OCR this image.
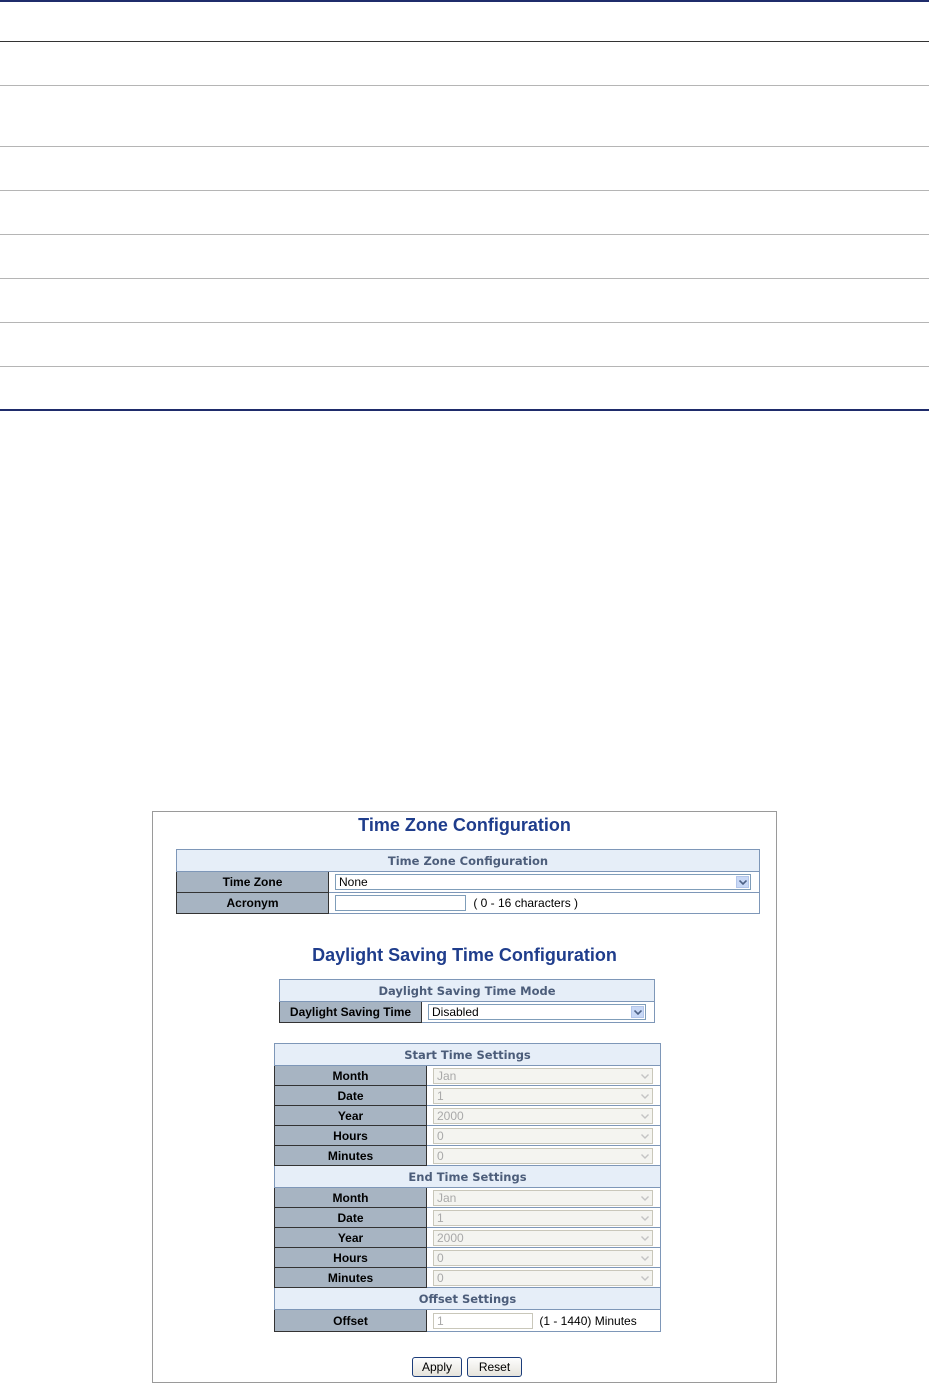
Time Zone Configuration
Time Zone Configuration	
Time Zone	None

Acronym	( 0 - 16 characters )
Daylight Saving Time Configuration
Daylight Saving Time Mode
Daylight Saving Time	Disabled
Start Time Settings	
Month	Jan

Date	1

Year	2000

Hours	0

Minutes	0

End Time Settings	
Month	Jan

Date	1

Year	2000

Hours	0

Minutes	0

Offset Settings	
Offset	1 (1 - 1440) Minutes
Apply	Reset
